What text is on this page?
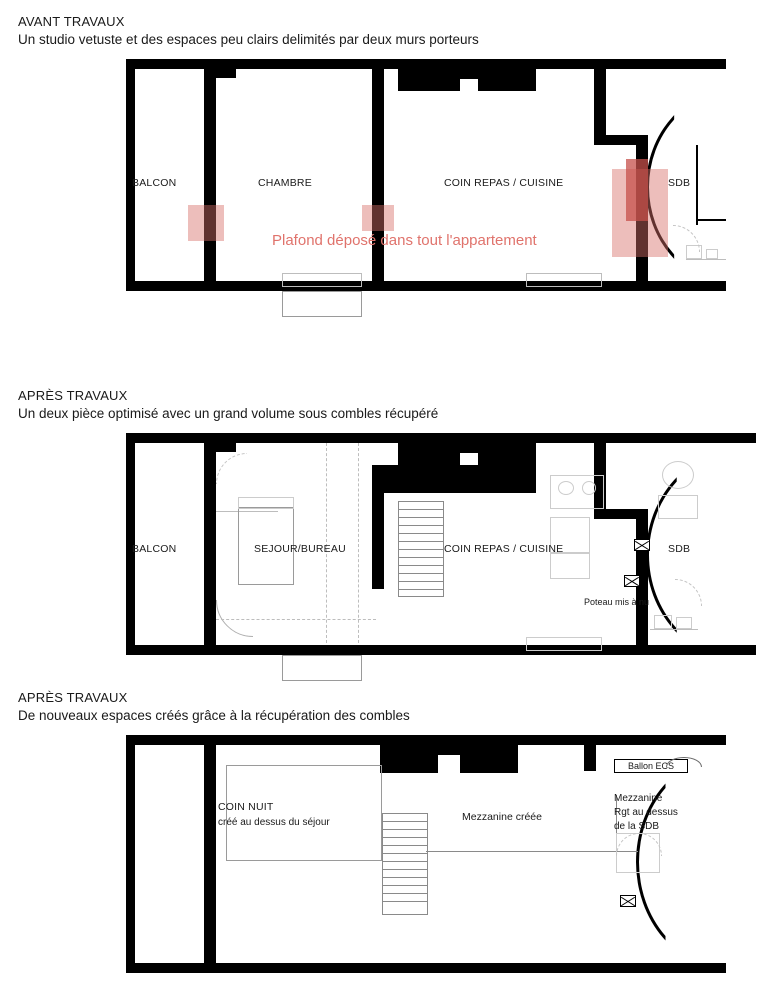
AVANT TRAVAUX
Un studio vetuste et des espaces peu clairs delimités par deux murs porteurs
BALCON	CHAMBRE	COIN REPAS / CUISINE	SDB
Plafond déposé dans tout l'appartement
APRÈS TRAVAUX
Un deux pièce optimisé avec un grand volume sous combles récupéré
BALCON	SEJOUR/BUREAU	COIN REPAS / CUISINE	SDB
Poteau mis à nu
APRÈS TRAVAUX
De nouveaux espaces créés grâce à la récupération des combles
Ballon ECS
COIN NUIT
créé au dessus du séjour	Mezzanine créée
Mezzanine
Rgt au dessus
de la SDB
